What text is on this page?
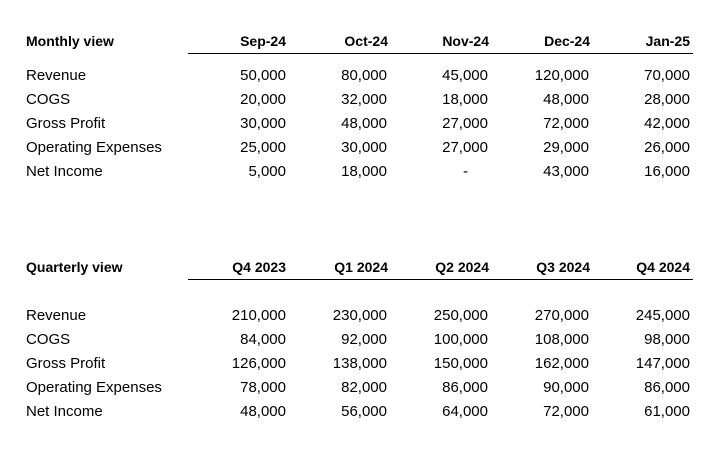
Monthly view	Sep-24	Oct-24	Nov-24	Dec-24	Jan-25
Revenue	50,000	80,000	45,000	120,000	70,000
COGS	20,000	32,000	18,000	48,000	28,000
Gross Profit	30,000	48,000	27,000	72,000	42,000
Operating Expenses	25,000	30,000	27,000	29,000	26,000
Net Income	5,000	18,000	-	43,000	16,000
Quarterly view	Q4 2023	Q1 2024	Q2 2024	Q3 2024	Q4 2024
Revenue	210,000	230,000	250,000	270,000	245,000
COGS	84,000	92,000	100,000	108,000	98,000
Gross Profit	126,000	138,000	150,000	162,000	147,000
Operating Expenses	78,000	82,000	86,000	90,000	86,000
Net Income	48,000	56,000	64,000	72,000	61,000
